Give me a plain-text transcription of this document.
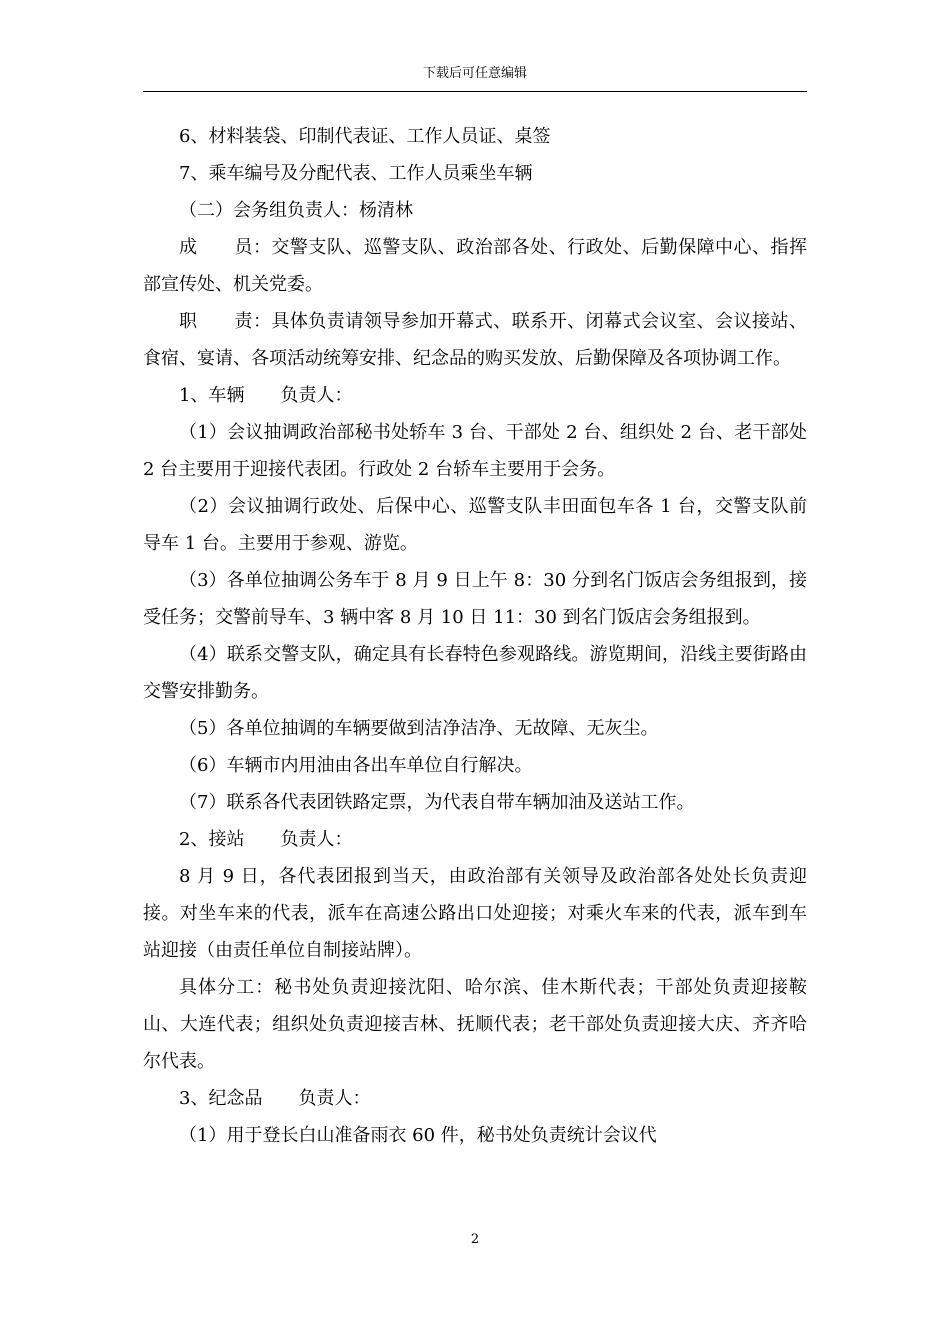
下载后可任意编辑

6、材料装袋、印制代表证、工作人员证、桌签

7、乘车编号及分配代表、工作人员乘坐车辆

（二）会务组负责人：杨清林

成　　员：交警支队、巡警支队、政治部各处、行政处、后勤保障中心、指挥部宣传处、机关党委。

职　　责：具体负责请领导参加开幕式、联系开、闭幕式会议室、会议接站、食宿、宴请、各项活动统筹安排、纪念品的购买发放、后勤保障及各项协调工作。

1、车辆　　负责人：

（1）会议抽调政治部秘书处轿车 3 台、干部处 2 台、组织处 2 台、老干部处 2 台主要用于迎接代表团。行政处 2 台轿车主要用于会务。

（2）会议抽调行政处、后保中心、巡警支队丰田面包车各 1 台，交警支队前导车 1 台。主要用于参观、游览。

（3）各单位抽调公务车于 8 月 9 日上午 8：30 分到名门饭店会务组报到，接受任务；交警前导车、3 辆中客 8 月 10 日 11：30 到名门饭店会务组报到。

（4）联系交警支队，确定具有长春特色参观路线。游览期间，沿线主要街路由交警安排勤务。

（5）各单位抽调的车辆要做到洁净洁净、无故障、无灰尘。

（6）车辆市内用油由各出车单位自行解决。

（7）联系各代表团铁路定票，为代表自带车辆加油及送站工作。

2、接站　　负责人：

8 月 9 日，各代表团报到当天，由政治部有关领导及政治部各处处长负责迎接。对坐车来的代表，派车在高速公路出口处迎接；对乘火车来的代表，派车到车站迎接（由责任单位自制接站牌）。

具体分工：秘书处负责迎接沈阳、哈尔滨、佳木斯代表；干部处负责迎接鞍山、大连代表；组织处负责迎接吉林、抚顺代表；老干部处负责迎接大庆、齐齐哈尔代表。

3、纪念品　　负责人：

（1）用于登长白山准备雨衣 60 件，秘书处负责统计会议代

2
